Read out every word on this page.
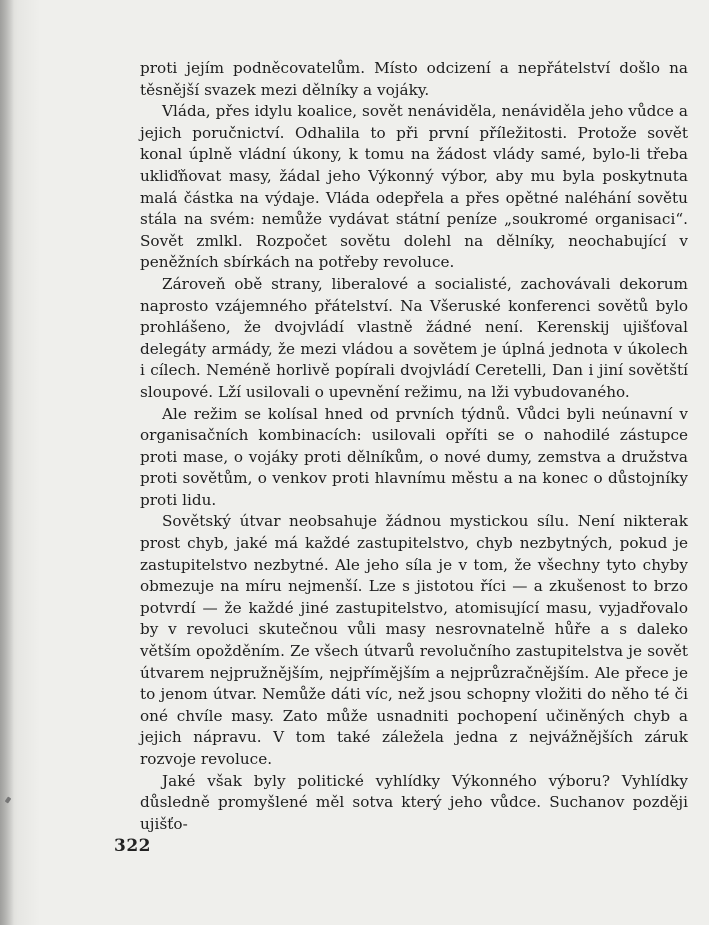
proti jejím podněcovatelům. Místo odcizení a nepřátelství došlo na těsnější svazek mezi dělníky a vojáky.

Vláda, přes idylu koalice, sovět nenáviděla, nenáviděla jeho vůdce a jejich poručnictví. Odhalila to při první příležitosti. Protože sovět konal úplně vládní úkony, k tomu na žádost vlády samé, bylo-li třeba ukliďňovat masy, žádal jeho Výkonný výbor, aby mu byla poskytnuta malá částka na výdaje. Vláda odepřela a přes opětné naléhání sovětu stála na svém: nemůže vydávat státní peníze „soukromé organisaci“. Sovět zmlkl. Rozpočet sovětu dolehl na dělníky, neochabující v peněžních sbírkách na potřeby revoluce.

Zároveň obě strany, liberalové a socialisté, zachovávali dekorum naprosto vzájemného přátelství. Na Všeruské konferenci sovětů bylo prohlášeno, že dvojvládí vlastně žádné není. Kerenskij ujišťoval delegáty armády, že mezi vládou a sovětem je úplná jednota v úkolech i cílech. Neméně horlivě popírali dvojvládí Ceretelli, Dan i jiní sovětští sloupové. Lží usilovali o upevnění režimu, na lži vybudovaného.

Ale režim se kolísal hned od prvních týdnů. Vůdci byli neúnavní v organisačních kombinacích: usilovali opříti se o nahodilé zástupce proti mase, o vojáky proti dělníkům, o nové dumy, zemstva a družstva proti sovětům, o venkov proti hlavnímu městu a na konec o důstojníky proti lidu.

Sovětský útvar neobsahuje žádnou mystickou sílu. Není nikterak prost chyb, jaké má každé zastupitelstvo, chyb nezbytných, pokud je zastupitelstvo nezbytné. Ale jeho síla je v tom, že všechny tyto chyby obmezuje na míru nejmenší. Lze s jistotou říci — a zkušenost to brzo potvrdí — že každé jiné zastupitelstvo, atomisující masu, vyjadřovalo by v revoluci skutečnou vůli masy nesrovnatelně hůře a s daleko větším opožděním. Ze všech útvarů revolučního zastupitelstva je sovět útvarem nejpružnějším, nejpřímějším a nejprůzračnějším. Ale přece je to jenom útvar. Nemůže dáti víc, než jsou schopny vložiti do něho té či oné chvíle masy. Zato může usnadniti pochopení učiněných chyb a jejich nápravu. V tom také záležela jedna z nejvážnějších záruk rozvoje revoluce.

Jaké však byly politické vyhlídky Výkonného výboru? Vyhlídky důsledně promyšlené měl sotva který jeho vůdce. Suchanov později ujišťo-

322
